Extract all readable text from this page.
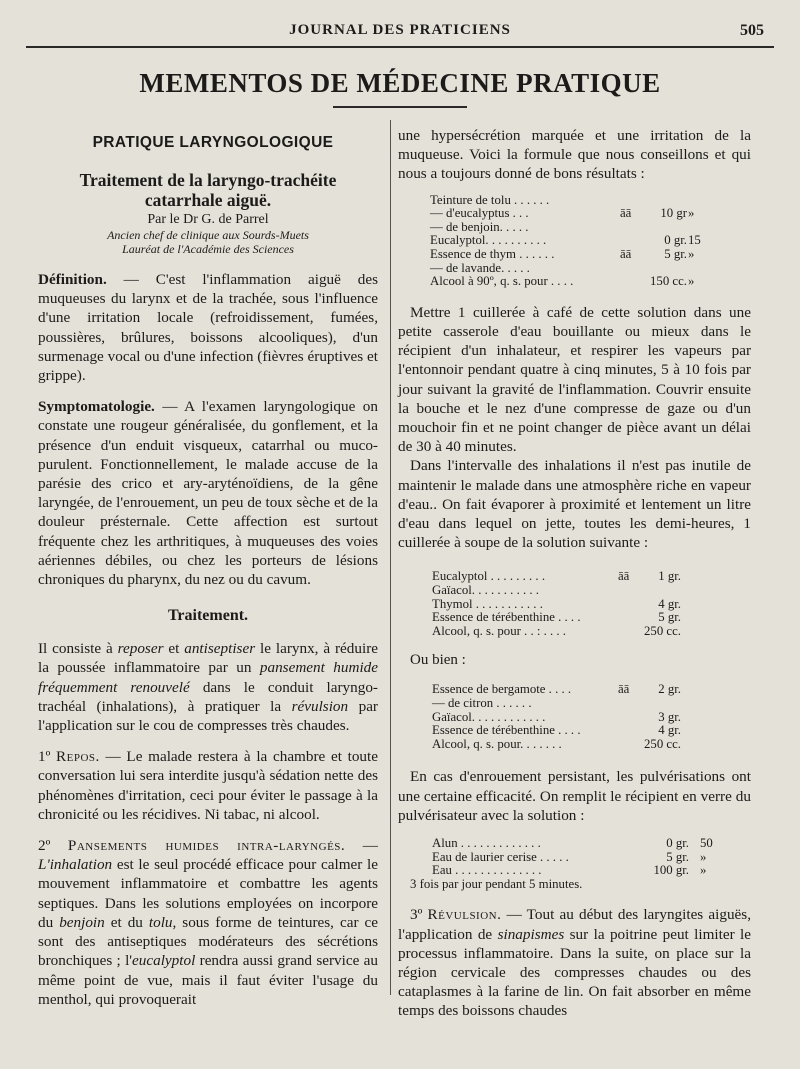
JOURNAL DES PRATICIENS	505
MEMENTOS DE MÉDECINE PRATIQUE
PRATIQUE LARYNGOLOGIQUE
Traitement de la laryngo-trachéite
catarrhale aiguë.
Par le Dr G. de Parrel
Ancien chef de clinique aux Sourds-Muets
Lauréat de l'Académie des Sciences

Définition. — C'est l'inflammation aiguë des muqueuses du larynx et de la trachée, sous l'influence d'une irritation locale (refroidissement, fumées, poussières, brûlures, boissons alcooliques), d'un surmenage vocal ou d'une infection (fièvres éruptives et grippe).

Symptomatologie. — A l'examen laryngologique on constate une rougeur généralisée, du gonflement, et la présence d'un enduit visqueux, catarrhal ou muco-purulent. Fonctionnellement, le malade accuse de la parésie des crico et ary-aryténoïdiens, de la gêne laryngée, de l'enrouement, un peu de toux sèche et de la douleur présternale. Cette affection est surtout fréquente chez les arthritiques, à muqueuses des voies aériennes débiles, ou chez les porteurs de lésions chroniques du pharynx, du nez ou du cavum.

Traitement.

Il consiste à reposer et antiseptiser le larynx, à réduire la poussée inflammatoire par un pansement humide fréquemment renouvelé dans le conduit laryngo-trachéal (inhalations), à pratiquer la révulsion par l'application sur le cou de compresses très chaudes.

1º Repos. — Le malade restera à la chambre et toute conversation lui sera interdite jusqu'à sédation nette des phénomènes d'irritation, ceci pour éviter le passage à la chronicité ou les récidives. Ni tabac, ni alcool.

2º Pansements humides intra-laryngés. — L'inhalation est le seul procédé efficace pour calmer le mouvement inflammatoire et combattre les agents septiques. Dans les solutions employées on incorpore du benjoin et du tolu, sous forme de teintures, car ce sont des antiseptiques modérateurs des sécrétions bronchiques ; l'eucalyptol rendra aussi grand service au même point de vue, mais il faut éviter l'usage du menthol, qui provoquerait

une hypersécrétion marquée et une irritation de la muqueuse. Voici la formule que nous conseillons et qui nous a toujours donné de bons résultats :

Teinture de tolu . . . . . .
— d'eucalyptus . . .	āā 10 gr »
— de benjoin. . . . .
Eucalyptol. . . . . . . . . .	0 gr. 15
Essence de thym . . . . . .	āā	5 gr. »
— de lavande. . . . .
Alcool à 90º, q. s. pour . . . .	150 cc. »

Mettre 1 cuillerée à café de cette solution dans une petite casserole d'eau bouillante ou mieux dans le récipient d'un inhalateur, et respirer les vapeurs par l'entonnoir pendant quatre à cinq minutes, 5 à 10 fois par jour suivant la gravité de l'inflammation. Couvrir ensuite la bouche et le nez d'une compresse de gaze ou d'un mouchoir fin et ne point changer de pièce avant un délai de 30 à 40 minutes.

Dans l'intervalle des inhalations il n'est pas inutile de maintenir le malade dans une atmosphère riche en vapeur d'eau.. On fait évaporer à proximité et lentement un litre d'eau dans lequel on jette, toutes les demi-heures, 1 cuillerée à soupe de la solution suivante :

Eucalyptol . . . . . . . . .	āā 1 gr.
Gaïacol. . . . . . . . . . .
Thymol . . . . . . . . . . .	4 gr.
Essence de térébenthine . . . .	5 gr.
Alcool, q. s. pour . . : . . . .	250 cc.
Ou bien :
Essence de bergamote . . . .	āā 2 gr.
— de citron . . . . . .
Gaïacol. . . . . . . . . . . .	3 gr.
Essence de térébenthine . . . .	4 gr.
Alcool, q. s. pour. . . . . . .	250 cc.

En cas d'enrouement persistant, les pulvérisations ont une certaine efficacité. On remplit le récipient en verre du pulvérisateur avec la solution :

Alun . . . . . . . . . . . . .	0 gr. 50
Eau de laurier cerise . . . . .	5 gr. »
Eau . . . . . . . . . . . . . .	100 gr. »
3 fois par jour pendant 5 minutes.

3º Révulsion. — Tout au début des laryngites aiguës, l'application de sinapismes sur la poitrine peut limiter le processus inflammatoire. Dans la suite, on place sur la région cervicale des compresses chaudes ou des cataplasmes à la farine de lin. On fait absorber en même temps des boissons chaudes
